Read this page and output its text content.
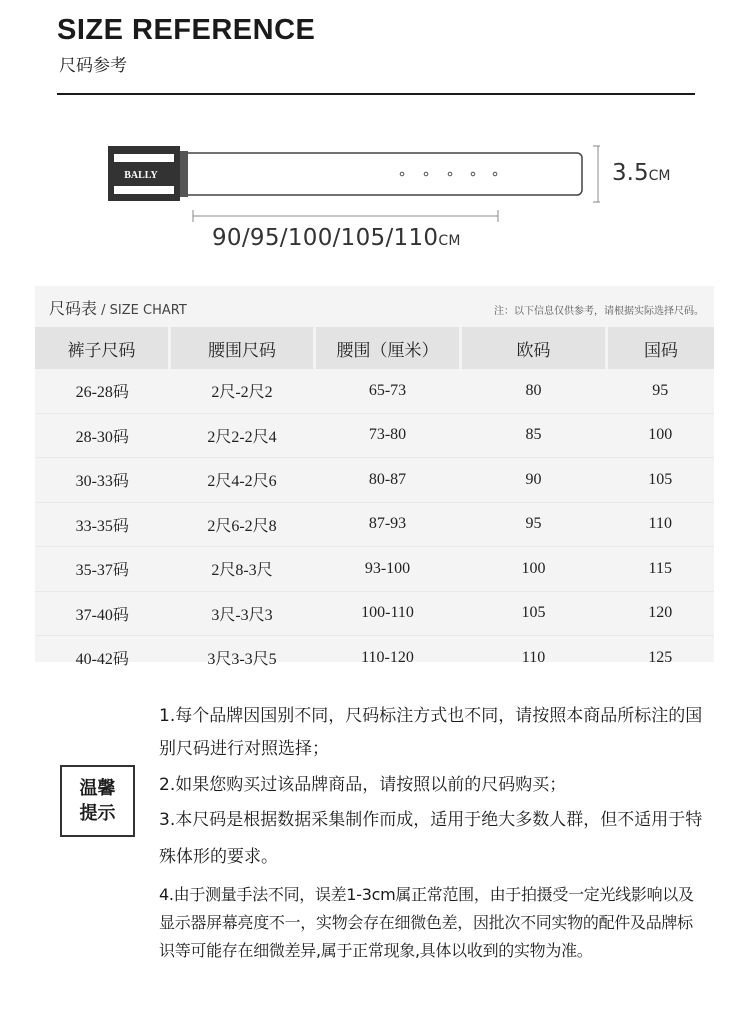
SIZE REFERENCE
尺码参考
BALLY
90/95/100/105/110CM
3.5CM
尺码表 / SIZE CHART	注：以下信息仅供参考，请根据实际选择尺码。
裤子尺码	腰围尺码	腰围（厘米）	欧码	国码
26-28码	2尺-2尺2	65-73	80	95
28-30码	2尺2-2尺4	73-80	85	100
30-33码	2尺4-2尺6	80-87	90	105
33-35码	2尺6-2尺8	87-93	95	110
35-37码	2尺8-3尺	93-100	100	115
37-40码	3尺-3尺3	100-110	105	120
40-42码	3尺3-3尺5	110-120	110	125
温馨
提示

1.每个品牌因国别不同，尺码标注方式也不同，请按照本商品所标注的国别尺码进行对照选择；

2.如果您购买过该品牌商品，请按照以前的尺码购买；

3.本尺码是根据数据采集制作而成，适用于绝大多数人群，但不适用于特殊体形的要求。

4.由于测量手法不同，误差1-3cm属正常范围，由于拍摄受一定光线影响以及显示器屏幕亮度不一，实物会存在细微色差，因批次不同实物的配件及品牌标识等可能存在细微差异,属于正常现象,具体以收到的实物为准。
